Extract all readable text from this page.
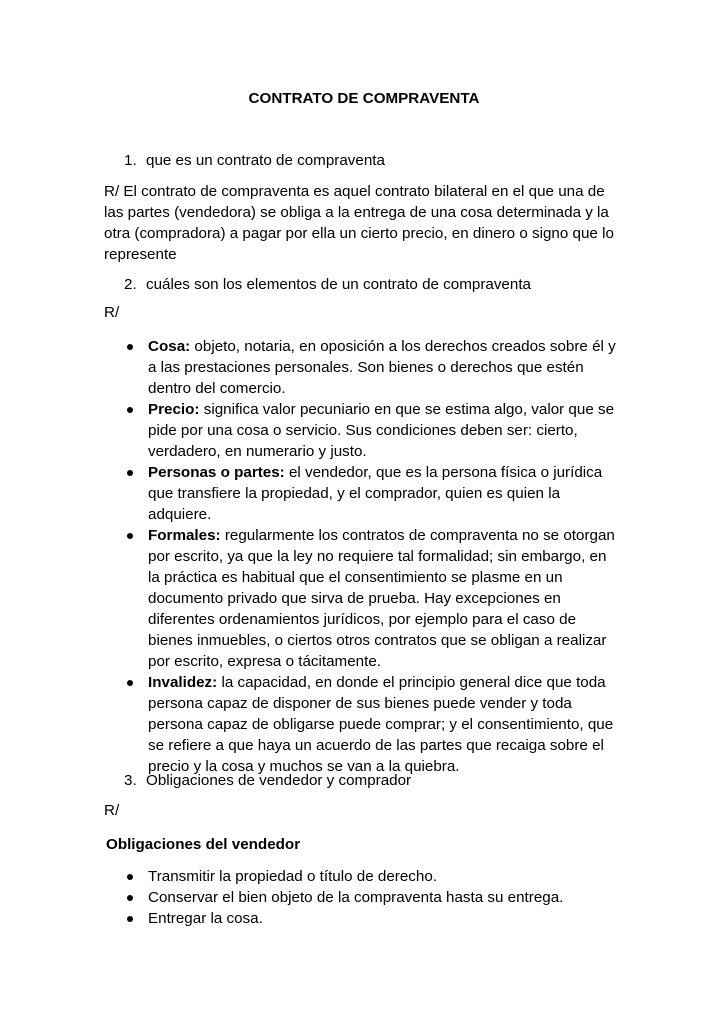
CONTRATO DE COMPRAVENTA
1. que es un contrato de compraventa
R/ El contrato de compraventa es aquel contrato bilateral en el que una de las partes (vendedora) se obliga a la entrega de una cosa determinada y la otra (compradora) a pagar por ella un cierto precio, en dinero o signo que lo represente
2. cuáles son los elementos de un contrato de compraventa
R/
Cosa: objeto, notaria, en oposición a los derechos creados sobre él y a las prestaciones personales. Son bienes o derechos que estén dentro del comercio.
Precio: significa valor pecuniario en que se estima algo, valor que se pide por una cosa o servicio. Sus condiciones deben ser: cierto, verdadero, en numerario y justo.
Personas o partes: el vendedor, que es la persona física o jurídica que transfiere la propiedad, y el comprador, quien es quien la adquiere.
Formales: regularmente los contratos de compraventa no se otorgan por escrito, ya que la ley no requiere tal formalidad; sin embargo, en la práctica es habitual que el consentimiento se plasme en un documento privado que sirva de prueba. Hay excepciones en diferentes ordenamientos jurídicos, por ejemplo para el caso de bienes inmuebles, o ciertos otros contratos que se obligan a realizar por escrito, expresa o tácitamente.
Invalidez: la capacidad, en donde el principio general dice que toda persona capaz de disponer de sus bienes puede vender y toda persona capaz de obligarse puede comprar; y el consentimiento, que se refiere a que haya un acuerdo de las partes que recaiga sobre el precio y la cosa y muchos se van a la quiebra.
3. Obligaciones de vendedor y comprador
R/
Obligaciones del vendedor
Transmitir la propiedad o título de derecho.
Conservar el bien objeto de la compraventa hasta su entrega.
Entregar la cosa.
